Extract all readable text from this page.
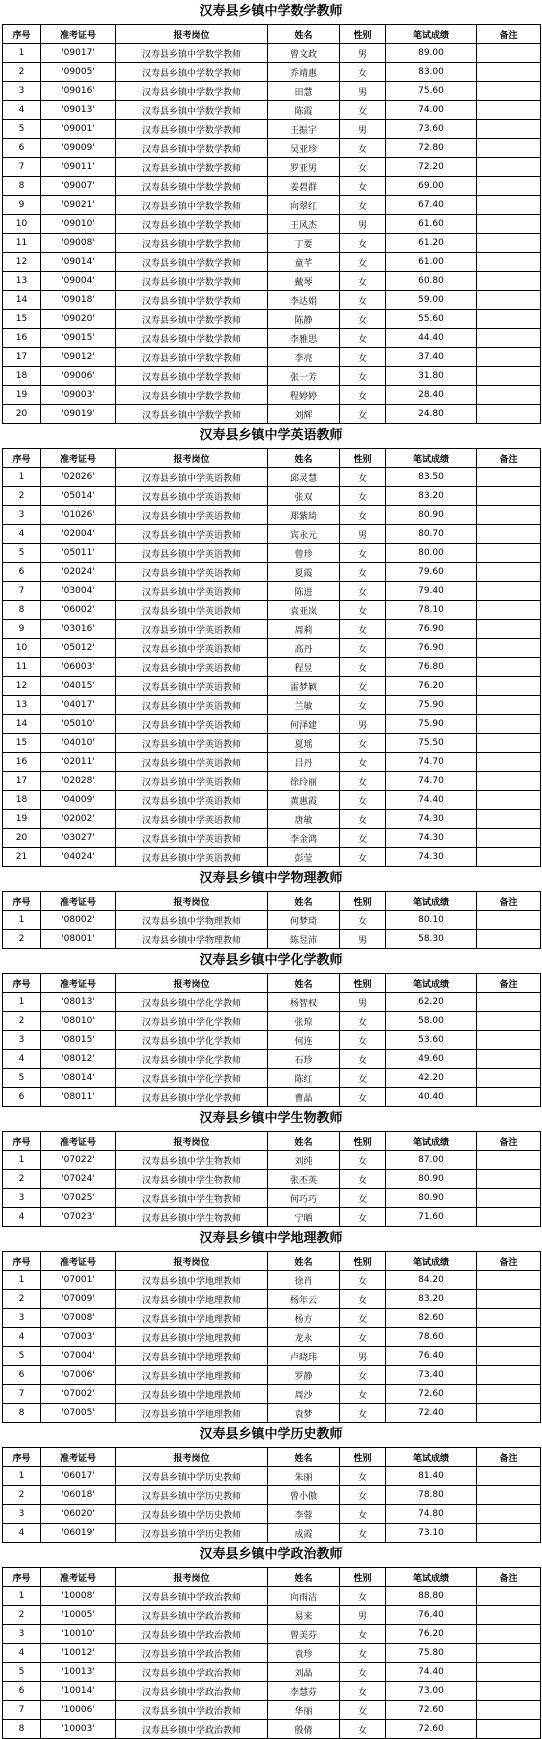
汉寿县乡镇中学数学教师
序号	准考证号	报考岗位	姓名	性别	笔试成绩	备注
1	'09017'	汉寿县乡镇中学数学教师	曾文政	男	89.00	
2	'09005'	汉寿县乡镇中学数学教师	乔靖惠	女	83.00	
3	'09016'	汉寿县乡镇中学数学教师	田慧	男	75.60	
4	'09013'	汉寿县乡镇中学数学教师	陈霞	女	74.00	
5	'09001'	汉寿县乡镇中学数学教师	王振宇	男	73.60	
6	'09009'	汉寿县乡镇中学数学教师	吴亚珍	女	72.80	
7	'09011'	汉寿县乡镇中学数学教师	罗亚男	女	72.20	
8	'09007'	汉寿县乡镇中学数学教师	姜碧群	女	69.00	
9	'09021'	汉寿县乡镇中学数学教师	向翠红	女	67.40	
10	'09010'	汉寿县乡镇中学数学教师	王风杰	男	61.60	
11	'09008'	汉寿县乡镇中学数学教师	丁要	女	61.20	
12	'09014'	汉寿县乡镇中学数学教师	童芊	女	61.00	
13	'09004'	汉寿县乡镇中学数学教师	戴琴	女	60.80	
14	'09018'	汉寿县乡镇中学数学教师	李达娟	女	59.00	
15	'09020'	汉寿县乡镇中学数学教师	陈静	女	55.60	
16	'09015'	汉寿县乡镇中学数学教师	李雅思	女	44.40	
17	'09012'	汉寿县乡镇中学数学教师	李亮	女	37.40	
18	'09006'	汉寿县乡镇中学数学教师	张一芳	女	31.80	
19	'09003'	汉寿县乡镇中学数学教师	程婷婷	女	28.40	
20	'09019'	汉寿县乡镇中学数学教师	刘辉	女	24.80	
汉寿县乡镇中学英语教师
序号	准考证号	报考岗位	姓名	性别	笔试成绩	备注
1	'02026'	汉寿县乡镇中学英语教师	邱灵慧	女	83.50	
2	'05014'	汉寿县乡镇中学英语教师	张双	女	83.20	
3	'01026'	汉寿县乡镇中学英语教师	郑紫琦	女	80.90	
4	'02004'	汉寿县乡镇中学英语教师	宾永元	男	80.70	
5	'05011'	汉寿县乡镇中学英语教师	曾珍	女	80.00	
6	'02024'	汉寿县乡镇中学英语教师	夏霞	女	79.60	
7	'03004'	汉寿县乡镇中学英语教师	陈进	女	79.40	
8	'06002'	汉寿县乡镇中学英语教师	袁亚岚	女	78.10	
9	'03016'	汉寿县乡镇中学英语教师	周莉	女	76.90	
10	'05012'	汉寿县乡镇中学英语教师	高丹	女	76.90	
11	'06003'	汉寿县乡镇中学英语教师	程昱	女	76.80	
12	'04015'	汉寿县乡镇中学英语教师	雷梦颖	女	76.20	
13	'04017'	汉寿县乡镇中学英语教师	兰敏	女	75.90	
14	'05010'	汉寿县乡镇中学英语教师	何泽建	男	75.90	
15	'04010'	汉寿县乡镇中学英语教师	夏瑶	女	75.50	
16	'02011'	汉寿县乡镇中学英语教师	吕丹	女	74.70	
17	'02028'	汉寿县乡镇中学英语教师	徐玲丽	女	74.70	
18	'04009'	汉寿县乡镇中学英语教师	黄惠霞	女	74.40	
19	'02002'	汉寿县乡镇中学英语教师	唐敏	女	74.30	
20	'03027'	汉寿县乡镇中学英语教师	李金鸿	女	74.30	
21	'04024'	汉寿县乡镇中学英语教师	彭莹	女	74.30	
汉寿县乡镇中学物理教师
序号	准考证号	报考岗位	姓名	性别	笔试成绩	备注
1	'08002'	汉寿县乡镇中学物理教师	何梦琦	女	80.10	
2	'08001'	汉寿县乡镇中学物理教师	陈昱沛	男	58.30	
汉寿县乡镇中学化学教师
序号	准考证号	报考岗位	姓名	性别	笔试成绩	备注
1	'08013'	汉寿县乡镇中学化学教师	杨智权	男	62.20	
2	'08010'	汉寿县乡镇中学化学教师	张琼	女	58.00	
3	'08015'	汉寿县乡镇中学化学教师	何连	女	53.60	
4	'08012'	汉寿县乡镇中学化学教师	石珍	女	49.60	
5	'08014'	汉寿县乡镇中学化学教师	陈红	女	42.20	
6	'08011'	汉寿县乡镇中学化学教师	曹晶	女	40.40	
汉寿县乡镇中学生物教师
序号	准考证号	报考岗位	姓名	性别	笔试成绩	备注
1	'07022'	汉寿县乡镇中学生物教师	刘纯	女	87.00	
2	'07024'	汉寿县乡镇中学生物教师	张丕英	女	80.90	
3	'07025'	汉寿县乡镇中学生物教师	何巧巧	女	80.90	
4	'07023'	汉寿县乡镇中学生物教师	宁晒	女	71.60	
汉寿县乡镇中学地理教师
序号	准考证号	报考岗位	姓名	性别	笔试成绩	备注
1	'07001'	汉寿县乡镇中学地理教师	徐肖	女	84.20	
2	'07009'	汉寿县乡镇中学地理教师	杨年云	女	83.20	
3	'07008'	汉寿县乡镇中学地理教师	杨方	女	82.60	
4	'07003'	汉寿县乡镇中学地理教师	龙永	女	78.60	
5	'07004'	汉寿县乡镇中学地理教师	卢晓玮	男	76.40	
6	'07006'	汉寿县乡镇中学地理教师	罗静	女	73.40	
7	'07002'	汉寿县乡镇中学地理教师	周沙	女	72.60	
8	'07005'	汉寿县乡镇中学地理教师	袁梦	女	72.40	
汉寿县乡镇中学历史教师
序号	准考证号	报考岗位	姓名	性别	笔试成绩	备注
1	'06017'	汉寿县乡镇中学历史教师	朱丽	女	81.40	
2	'06018'	汉寿县乡镇中学历史教师	曾小傲	女	78.80	
3	'06020'	汉寿县乡镇中学历史教师	李蓉	女	74.80	
4	'06019'	汉寿县乡镇中学历史教师	成霞	女	73.10	
汉寿县乡镇中学政治教师
序号	准考证号	报考岗位	姓名	性别	笔试成绩	备注
1	'10008'	汉寿县乡镇中学政治教师	向雨洁	女	88.80	
2	'10005'	汉寿县乡镇中学政治教师	易来	男	76.40	
3	'10010'	汉寿县乡镇中学政治教师	曾美芬	女	76.20	
4	'10012'	汉寿县乡镇中学政治教师	袁珍	女	75.80	
5	'10013'	汉寿县乡镇中学政治教师	刘晶	女	74.40	
6	'10014'	汉寿县乡镇中学政治教师	李慧芬	女	73.00	
7	'10006'	汉寿县乡镇中学政治教师	华丽	女	72.60	
8	'10003'	汉寿县乡镇中学政治教师	殷倩	女	72.60	
